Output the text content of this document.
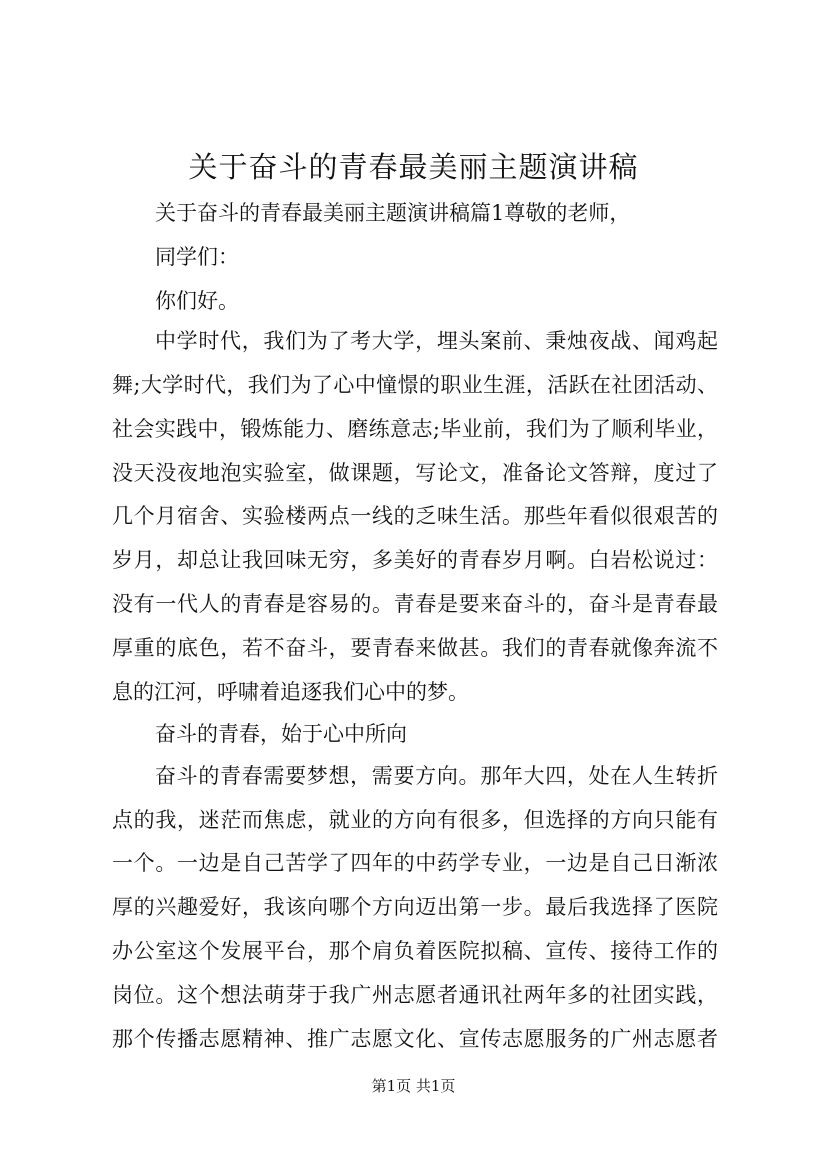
关于奋斗的青春最美丽主题演讲稿

关于奋斗的青春最美丽主题演讲稿篇1尊敬的老师，

同学们：

你们好。

中学时代，我们为了考大学，埋头案前、秉烛夜战、闻鸡起

舞;大学时代，我们为了心中憧憬的职业生涯，活跃在社团活动、

社会实践中，锻炼能力、磨练意志;毕业前，我们为了顺利毕业，

没天没夜地泡实验室，做课题，写论文，准备论文答辩，度过了

几个月宿舍、实验楼两点一线的乏味生活。那些年看似很艰苦的

岁月，却总让我回味无穷，多美好的青春岁月啊。白岩松说过：

没有一代人的青春是容易的。青春是要来奋斗的，奋斗是青春最

厚重的底色，若不奋斗，要青春来做甚。我们的青春就像奔流不

息的江河，呼啸着追逐我们心中的梦。

奋斗的青春，始于心中所向

奋斗的青春需要梦想，需要方向。那年大四，处在人生转折

点的我，迷茫而焦虑，就业的方向有很多，但选择的方向只能有

一个。一边是自己苦学了四年的中药学专业，一边是自己日渐浓

厚的兴趣爱好，我该向哪个方向迈出第一步。最后我选择了医院

办公室这个发展平台，那个肩负着医院拟稿、宣传、接待工作的

岗位。这个想法萌芽于我广州志愿者通讯社两年多的社团实践，

那个传播志愿精神、推广志愿文化、宣传志愿服务的广州志愿者

第1页 共1页
